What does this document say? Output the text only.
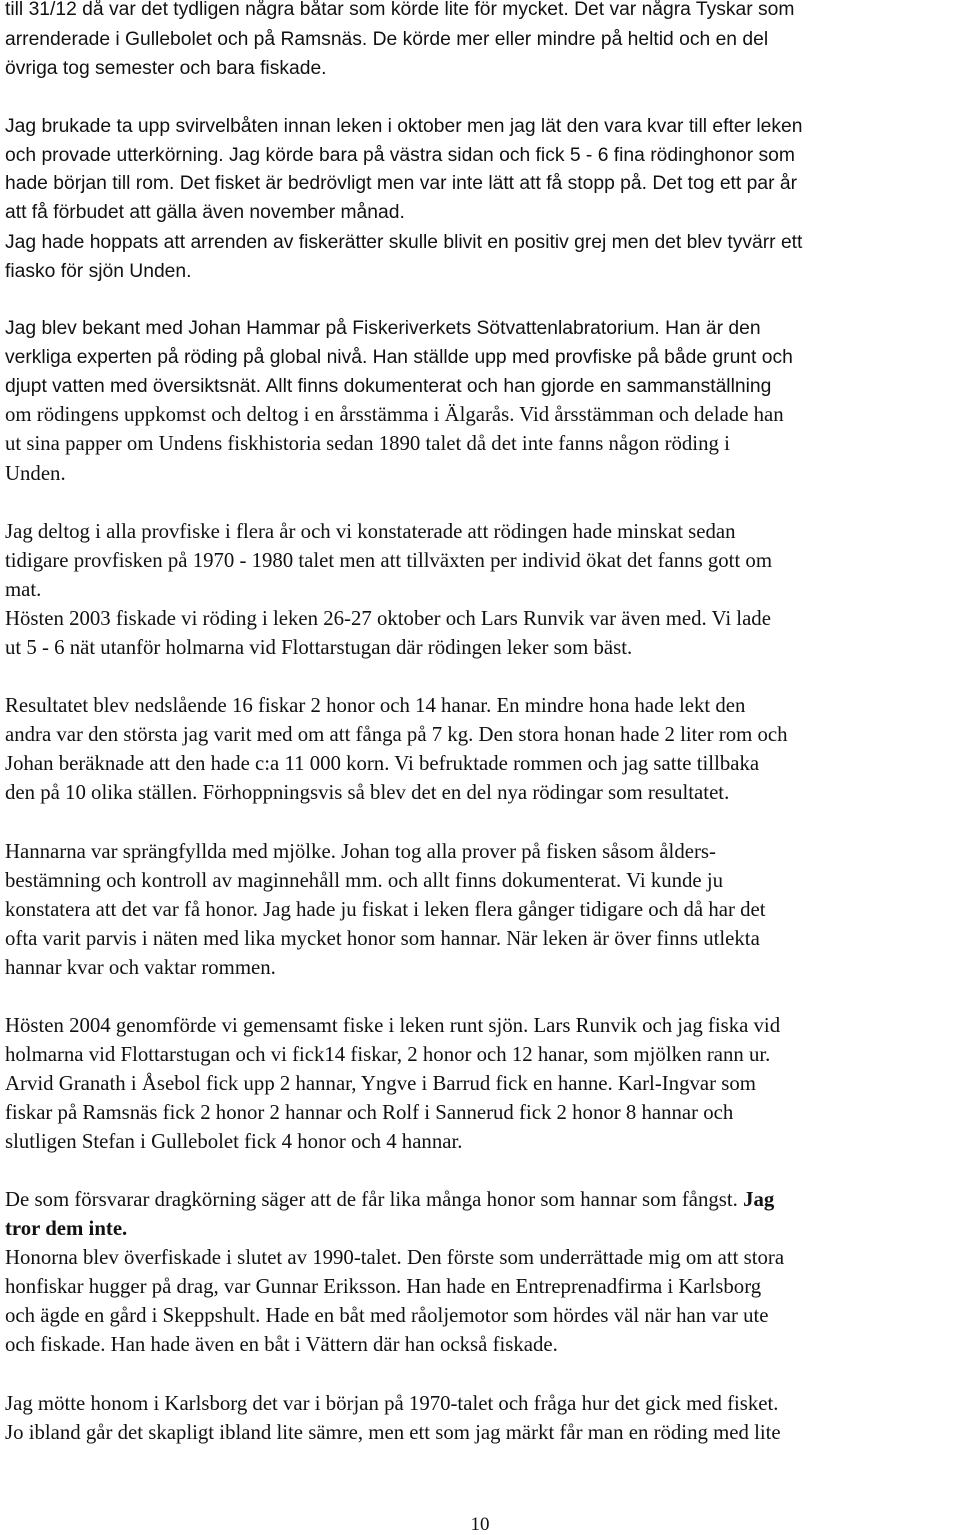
till 31/12 då var det tydligen några båtar som körde lite för mycket. Det var några Tyskar som
arrenderade i Gullebolet och på Ramsnäs. De körde mer eller mindre på heltid och en del
övriga tog semester och bara fiskade.
Jag brukade ta upp svirvelbåten innan leken i oktober men jag lät den vara kvar till efter leken
och provade utterkörning. Jag körde bara på västra sidan och fick 5 - 6 fina rödinghonor som
hade början till rom. Det fisket är bedrövligt men var inte lätt att få stopp på. Det tog ett par år
att få förbudet att gälla även november månad.
Jag hade hoppats att arrenden av fiskerätter skulle blivit en positiv grej men det blev tyvärr ett
fiasko för sjön Unden.
Jag blev bekant med Johan Hammar på Fiskeriverkets Sötvattenlabratorium. Han är den
verkliga experten på röding på global nivå. Han ställde upp med provfiske på både grunt och
djupt vatten med översiktsnät. Allt finns dokumenterat och han gjorde en sammanställning
om rödingens uppkomst och deltog i en årsstämma i Älgarås. Vid årsstämman och delade han
ut sina papper om Undens fiskhistoria sedan 1890 talet då det inte fanns någon röding i
Unden.
Jag deltog i alla provfiske i flera år och vi konstaterade att rödingen hade minskat sedan
tidigare provfisken på 1970 - 1980 talet men att tillväxten per individ ökat det fanns gott om
mat.
Hösten 2003 fiskade vi röding i leken 26-27 oktober och Lars Runvik var även med. Vi lade
ut 5 - 6 nät utanför holmarna vid Flottarstugan där rödingen leker som bäst.
Resultatet blev nedslående 16 fiskar 2 honor och 14 hanar. En mindre hona hade lekt den
andra var den största jag varit med om att fånga på 7 kg. Den stora honan hade 2 liter rom och
Johan beräknade att den hade c:a 11 000 korn. Vi befruktade rommen och jag satte tillbaka
den på 10 olika ställen. Förhoppningsvis så blev det en del nya rödingar som resultatet.
Hannarna var sprängfyllda med mjölke. Johan tog alla prover på fisken såsom ålders-
bestämning och kontroll av maginnehåll mm. och allt finns dokumenterat. Vi kunde ju
konstatera att det var få honor. Jag hade ju fiskat i leken flera gånger tidigare och då har det
ofta varit parvis i näten med lika mycket honor som hannar. När leken är över finns utlekta
hannar kvar och vaktar rommen.
Hösten 2004 genomförde vi gemensamt fiske i leken runt sjön. Lars Runvik och jag fiska vid
holmarna vid Flottarstugan och vi fick14 fiskar, 2 honor och 12 hanar, som mjölken rann ur.
Arvid Granath i Åsebol fick upp 2 hannar, Yngve i Barrud fick en hanne. Karl-Ingvar som
fiskar på Ramsnäs fick 2 honor 2 hannar och Rolf i Sannerud fick 2 honor 8 hannar och
slutligen Stefan i Gullebolet fick 4 honor och 4 hannar.
De som försvarar dragkörning säger att de får lika många honor som hannar som fångst. Jag
tror dem inte.
Honorna blev överfiskade i slutet av 1990-talet. Den förste som underrättade mig om att stora
honfiskar hugger på drag, var Gunnar Eriksson. Han hade en Entreprenadfirma i Karlsborg
och ägde en gård i Skeppshult. Hade en båt med råoljemotor som hördes väl när han var ute
och fiskade. Han hade även en båt i Vättern där han också fiskade.
Jag mötte honom i Karlsborg det var i början på 1970-talet och fråga hur det gick med fisket.
Jo ibland går det skapligt ibland lite sämre, men ett som jag märkt får man en röding med lite
10
